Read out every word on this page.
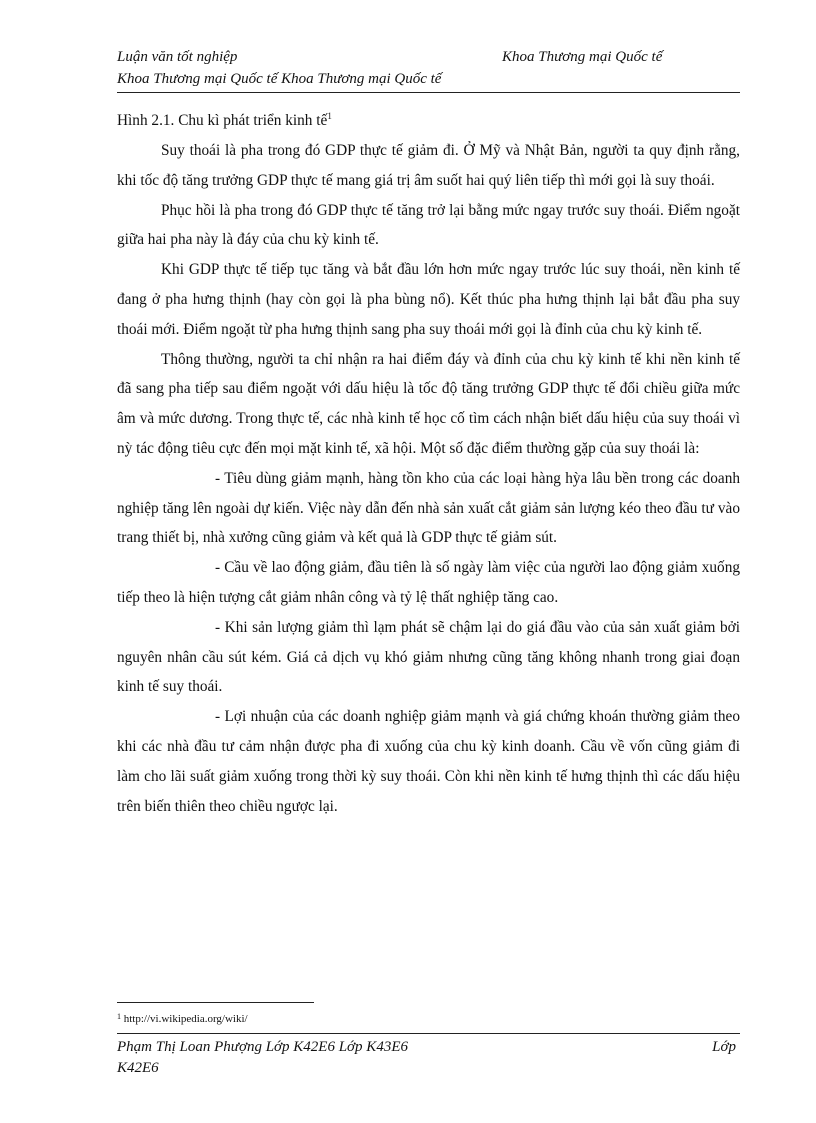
Luận văn tốt nghiệp	Khoa Thương mại Quốc tế
Khoa Thương mại Quốc tế Khoa Thương mại Quốc tế

Hình 2.1. Chu kì phát triển kinh tế$^1$

Suy thoái là pha trong đó GDP thực tế giảm đi. Ở Mỹ và Nhật Bản, người ta quy định rằng, khi tốc độ tăng trưởng GDP thực tế mang giá trị âm suốt hai quý liên tiếp thì mới gọi là suy thoái.

Phục hồi là pha trong đó GDP thực tế tăng trở lại bằng mức ngay trước suy thoái. Điểm ngoặt giữa hai pha này là đáy của chu kỳ kinh tế.

Khi GDP thực tế tiếp tục tăng và bắt đầu lớn hơn mức ngay trước lúc suy thoái, nền kinh tế đang ở pha hưng thịnh (hay còn gọi là pha bùng nổ). Kết thúc pha hưng thịnh lại bắt đầu pha suy thoái mới. Điểm ngoặt từ pha hưng thịnh sang pha suy thoái mới gọi là đỉnh của chu kỳ kinh tế.

Thông thường, người ta chỉ nhận ra hai điểm đáy và đỉnh của chu kỳ kinh tế khi nền kinh tế đã sang pha tiếp sau điểm ngoặt với dấu hiệu là tốc độ tăng trưởng GDP thực tế đổi chiều giữa mức âm và mức dương. Trong thực tế, các nhà kinh tế học cố tìm cách nhận biết dấu hiệu của suy thoái vì nỳ tác động tiêu cực đến mọi mặt kinh tế, xã hội. Một số đặc điểm thường gặp của suy thoái là:

- Tiêu dùng giảm mạnh, hàng tồn kho của các loại hàng hỳa lâu bền trong các doanh nghiệp tăng lên ngoài dự kiến. Việc này dẫn đến nhà sản xuất cắt giảm sản lượng kéo theo đầu tư vào trang thiết bị, nhà xưởng cũng giảm và kết quả là GDP thực tế giảm sút.

- Cầu về lao động giảm, đầu tiên là số ngày làm việc của người lao động giảm xuống tiếp theo là hiện tượng cắt giảm nhân công và tỷ lệ thất nghiệp tăng cao.

- Khi sản lượng giảm thì lạm phát sẽ chậm lại do giá đầu vào của sản xuất giảm bởi nguyên nhân cầu sút kém. Giá cả dịch vụ khó giảm nhưng cũng tăng không nhanh trong giai đoạn kinh tế suy thoái.

- Lợi nhuận của các doanh nghiệp giảm mạnh và giá chứng khoán thường giảm theo khi các nhà đầu tư cảm nhận được pha đi xuống của chu kỳ kinh doanh. Cầu về vốn cũng giảm đi làm cho lãi suất giảm xuống trong thời kỳ suy thoái. Còn khi nền kinh tế hưng thịnh thì các dấu hiệu trên biến thiên theo chiều ngược lại.

$^1$ http://vi.wikipedia.org/wiki/
Phạm Thị Loan Phượng Lớp K42E6 Lớp K43E6	Lớp
K42E6
